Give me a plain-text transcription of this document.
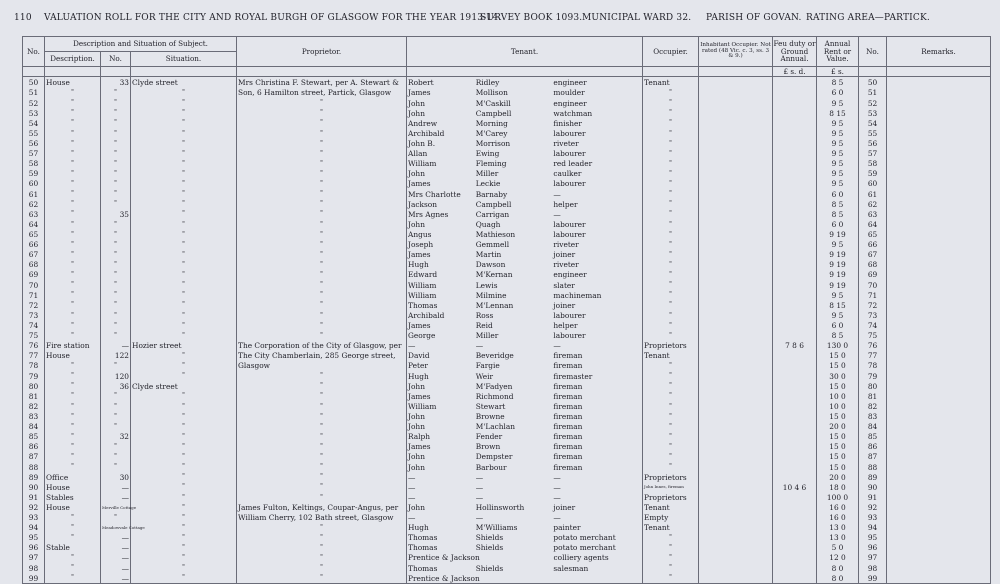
110 VALUATION ROLL FOR THE CITY AND ROYAL BURGH OF GLASGOW FOR THE YEAR 1913-14.
SURVEY BOOK 1093. MUNICIPAL WARD 32. PARISH OF GOVAN. RATING AREA—PARTICK.
No.	Description and Situation of Subject.			Proprietor.	Tenant.	Occupier.	Inhabitant Occupier. Not rated (48 Vic. c. 3, ss. 3 & 9.)	Feu duty or Ground Annual.	Annual Rent or Value.	No.	Remarks.
	Description.	No.	Situation.								
								£ s. d.	£ s.		
50	House	33	Clyde street	Mrs Christina F. Stewart, per A. Stewart &	Robert Ridley engineer	Tenant			8 5	50	
51	"	"	"	Son, 6 Hamilton street, Partick, Glasgow	James Mollison moulder	"			6 0	51	
52	"	"	"	"	John M'Caskill engineer	"			9 5	52	
53	"	"	"	"	John Campbell watchman	"			8 15	53	
54	"	"	"	"	Andrew Morning finisher	"			9 5	54	
55	"	"	"	"	Archibald M'Carey labourer	"			9 5	55	
56	"	"	"	"	John B. Morrison riveter	"			9 5	56	
57	"	"	"	"	Allan Ewing labourer	"			9 5	57	
58	"	"	"	"	William Fleming red leader	"			9 5	58	
59	"	"	"	"	John Miller caulker	"			9 5	59	
60	"	"	"	"	James Leckie labourer	"			9 5	60	
61	"	"	"	"	Mrs Charlotte Barnaby —	"			6 0	61	
62	"	"	"	"	Jackson Campbell helper	"			8 5	62	
63	"	35	"	"	Mrs Agnes Carrigan —	"			8 5	63	
64	"	"	"	"	John Quagh labourer	"			6 0	64	
65	"	"	"	"	Angus Mathieson labourer	"			9 19	65	
66	"	"	"	"	Joseph Gemmell riveter	"			9 5	66	
67	"	"	"	"	James Martin joiner	"			9 19	67	
68	"	"	"	"	Hugh Dawson riveter	"			9 19	68	
69	"	"	"	"	Edward M'Kernan engineer	"			9 19	69	
70	"	"	"	"	William Lewis slater	"			9 19	70	
71	"	"	"	"	William Milmine machineman	"			9 5	71	
72	"	"	"	"	Thomas M'Lennan joiner	"			8 15	72	
73	"	"	"	"	Archibald Ross labourer	"			9 5	73	
74	"	"	"	"	James Reid helper	"			6 0	74	
75	"	"	"	"	George Miller labourer	"			8 5	75	
76	Fire station	—	Hozier street	The Corporation of the City of Glasgow, per	— — —	Proprietors		7 8 6	130 0	76	
77	House	122	"	The City Chamberlain, 285 George street,	David Beveridge fireman	Tenant			15 0	77	
78	"	"	"	Glasgow	Peter Fargie fireman	"			15 0	78	
79	"	120	"	"	Hugh Weir firemaster	"			30 0	79	
80	"	36	Clyde street	"	John M'Fadyen fireman	"			15 0	80	
81	"	"	"	"	James Richmond fireman	"			10 0	81	
82	"	"	"	"	William Stewart fireman	"			10 0	82	
83	"	"	"	"	John Browne fireman	"			15 0	83	
84	"	"	"	"	John M'Lachlan fireman	"			20 0	84	
85	"	32	"	"	Ralph Fender fireman	"			15 0	85	
86	"	"	"	"	James Brown fireman	"			15 0	86	
87	"	"	"	"	John Dempster fireman	"			15 0	87	
88	"	"	"	"	John Barbour fireman	"			15 0	88	
89	Office	30	"	"	— — —	Proprietors			20 0	89	
90	House	—	"	"	— — —	John Innes, fireman		10 4 6	18 0	90	
91	Stables	—	"	"	— — —	Proprietors			100 0	91	
92	House	Merville Cottage	"	James Fulton, Keltings, Coupar-Angus, per	John Hollinsworth joiner	Tenant			16 0	92	
93	"	"	"	William Cherry, 102 Bath street, Glasgow	— — —	Empty			16 0	93	
94	"	Meadowvale Cottage	"	"	Hugh M'Williams painter	Tenant			13 0	94	
95	"	—	"	"	Thomas Shields potato merchant	"			13 0	95	
96	Stable	—	"	"	Thomas Shields potato merchant	"			5 0	96	
97	"	—	"	"	Prentice & Jackson colliery agents	"			12 0	97	
98	"	—	"	"	Thomas Shields salesman	"			8 0	98	
99	"	—	"	"	Prentice & Jackson	"			8 0	99	
